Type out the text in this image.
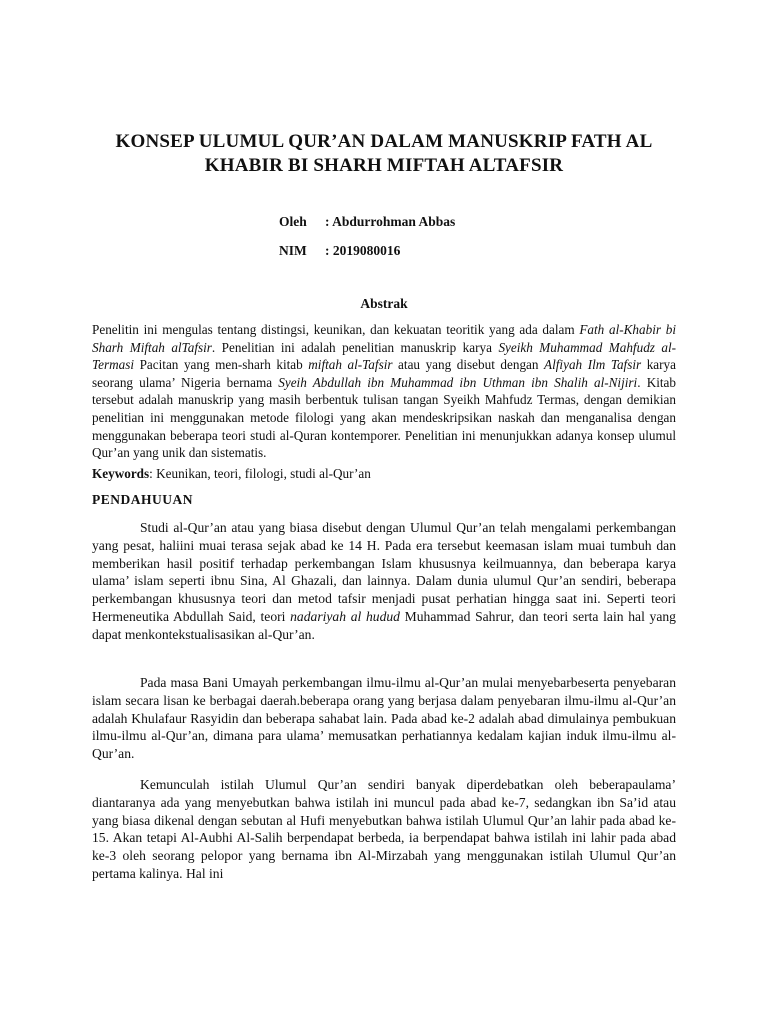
KONSEP ULUMUL QUR’AN DALAM MANUSKRIP FATH AL KHABIR BI SHARH MIFTAH ALTAFSIR
Oleh : Abdurrohman Abbas
NIM : 2019080016
Abstrak

Penelitin ini mengulas tentang distingsi, keunikan, dan kekuatan teoritik yang ada dalam Fath al-Khabir bi Sharh Miftah alTafsir. Penelitian ini adalah penelitian manuskrip karya Syeikh Muhammad Mahfudz al-Termasi Pacitan yang men-sharh kitab miftah al-Tafsir atau yang disebut dengan Alfiyah Ilm Tafsir karya seorang ulama’ Nigeria bernama Syeih Abdullah ibn Muhammad ibn Uthman ibn Shalih al-Nijiri. Kitab tersebut adalah manuskrip yang masih berbentuk tulisan tangan Syeikh Mahfudz Termas, dengan demikian penelitian ini menggunakan metode filologi yang akan mendeskripsikan naskah dan menganalisa dengan menggunakan beberapa teori studi al-Quran kontemporer. Penelitian ini menunjukkan adanya konsep ulumul Qur’an yang unik dan sistematis.

Keywords: Keunikan, teori, filologi, studi al-Qur’an

PENDAHUUAN

Studi al-Qur’an atau yang biasa disebut dengan Ulumul Qur’an telah mengalami perkembangan yang pesat, haliini muai terasa sejak abad ke 14 H. Pada era tersebut keemasan islam muai tumbuh dan memberikan hasil positif terhadap perkembangan Islam khususnya keilmuannya, dan beberapa karya ulama’ islam seperti ibnu Sina, Al Ghazali, dan lainnya. Dalam dunia ulumul Qur’an sendiri, beberapa perkembangan khususnya teori dan metod tafsir menjadi pusat perhatian hingga saat ini. Seperti teori Hermeneutika Abdullah Said, teori nadariyah al hudud Muhammad Sahrur, dan teori serta lain hal yang dapat menkontekstualisasikan al-Qur’an.

Pada masa Bani Umayah perkembangan ilmu-ilmu al-Qur’an mulai menyebarbeserta penyebaran islam secara lisan ke berbagai daerah.beberapa orang yang berjasa dalam penyebaran ilmu-ilmu al-Qur’an adalah Khulafaur Rasyidin dan beberapa sahabat lain. Pada abad ke-2 adalah abad dimulainya pembukuan ilmu-ilmu al-Qur’an, dimana para ulama’ memusatkan perhatiannya kedalam kajian induk ilmu-ilmu al-Qur’an.

Kemunculah istilah Ulumul Qur’an sendiri banyak diperdebatkan oleh beberapaulama’ diantaranya ada yang menyebutkan bahwa istilah ini muncul pada abad ke-7, sedangkan ibn Sa’id atau yang biasa dikenal dengan sebutan al Hufi menyebutkan bahwa istilah Ulumul Qur’an lahir pada abad ke-15. Akan tetapi Al-Aubhi Al-Salih berpendapat berbeda, ia berpendapat bahwa istilah ini lahir pada abad ke-3 oleh seorang pelopor yang bernama ibn Al-Mirzabah yang menggunakan istilah Ulumul Qur’an pertama kalinya. Hal ini
